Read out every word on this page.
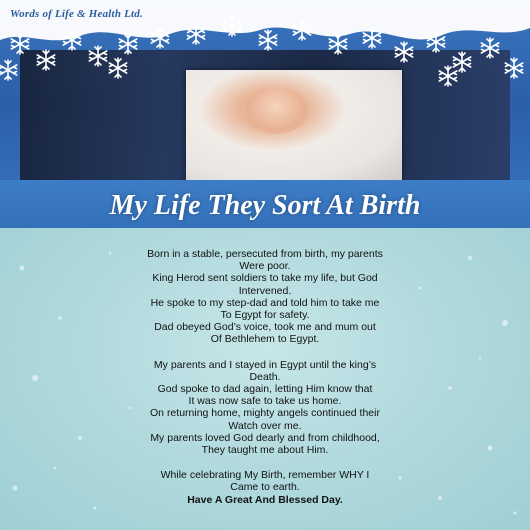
Words of Life & Health Ltd.
My Life They Sort At Birth

Born in a stable, persecuted from birth, my parents

Were poor.

King Herod sent soldiers to take my life, but God

Intervened.

He spoke to my step-dad and told him to take me

To Egypt for safety.

Dad obeyed God’s voice, took me and mum out

Of Bethlehem to Egypt.

My parents and I stayed in Egypt until the king’s

Death.

God spoke to dad again, letting Him know that

It was now safe to take us home.

On returning home, mighty angels continued their

Watch over me.

My parents loved God dearly and from childhood,

They taught me about Him.

While celebrating My Birth, remember WHY I

Came to earth.

Have A Great And Blessed Day.
